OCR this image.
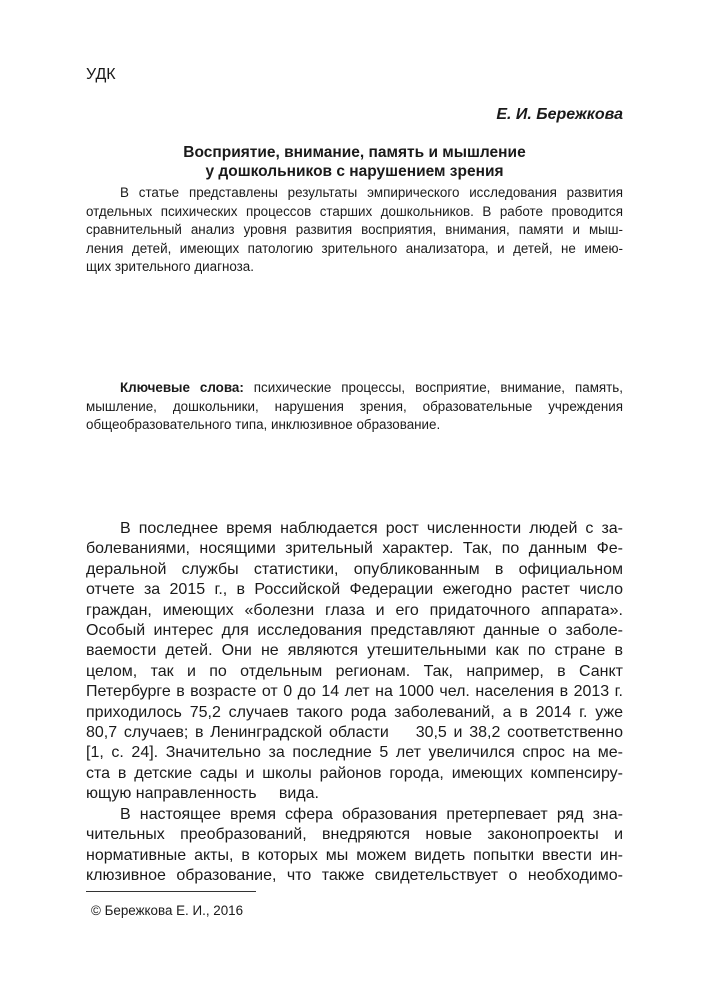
УДК
Е. И. Бережкова
Восприятие, внимание, память и мышление
у дошкольников с нарушением зрения
В статье представлены результаты эмпирического исследования развития
отдельных психических процессов старших дошкольников. В работе проводится
сравнительный анализ уровня развития восприятия, внимания, памяти и мыш-
ления детей, имеющих патологию зрительного анализатора, и детей, не имею-
щих зрительного диагноза.
Ключевые слова: психические процессы, восприятие, внимание, память,
мышление, дошкольники, нарушения зрения, образовательные учреждения
общеобразовательного типа, инклюзивное образование.
В последнее время наблюдается рост численности людей с за-
болеваниями, носящими зрительный характер. Так, по данным Фе-
деральной службы статистики, опубликованным в официальном
отчете за 2015 г., в Российской Федерации ежегодно растет число
граждан, имеющих «болезни глаза и его придаточного аппарата».
Особый интерес для исследования представляют данные о заболе-
ваемости детей. Они не являются утешительными как по стране в
целом, так и по отдельным регионам. Так, например, в Санкт
Петербурге в возрасте от 0 до 14 лет на 1000 чел. населения в 2013 г.
приходилось 75,2 случаев такого рода заболеваний, а в 2014 г. уже
80,7 случаев; в Ленинградской области    30,5 и 38,2 соответственно
[1, с. 24]. Значительно за последние 5 лет увеличился спрос на ме-
ста в детские сады и школы районов города, имеющих компенсиру-
ющую направленность     вида.
В настоящее время сфера образования претерпевает ряд зна-
чительных преобразований, внедряются новые законопроекты и
нормативные акты, в которых мы можем видеть попытки ввести ин-
клюзивное образование, что также свидетельствует о необходимо-
© Бережкова Е. И., 2016
